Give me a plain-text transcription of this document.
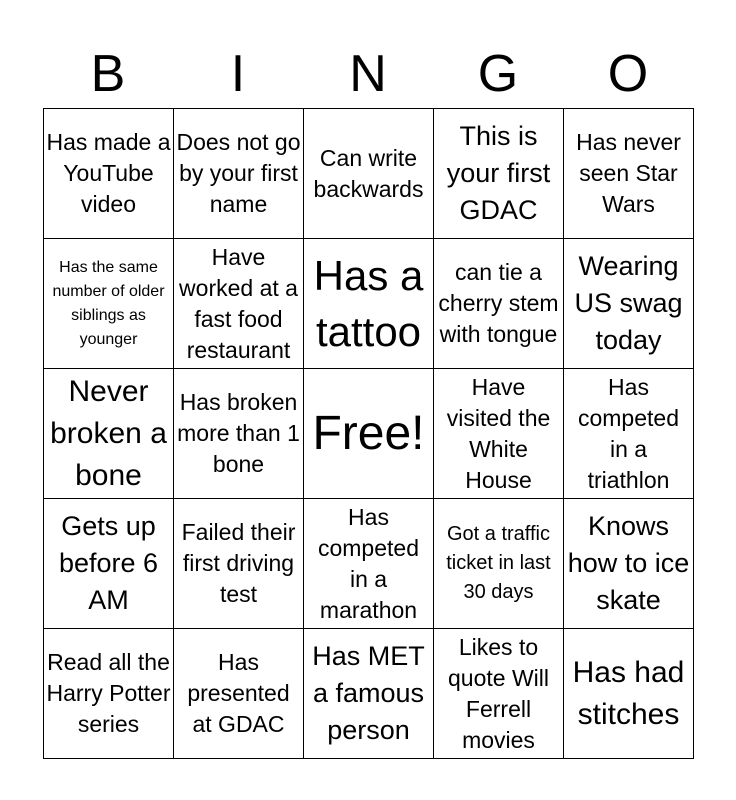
B	I	N	G	O
Has made a YouTube video	Does not go by your first name	Can write backwards	This is your first GDAC	Has never seen Star Wars

Has the same number of older siblings as younger	Have worked at a fast food restaurant	Has a tattoo	can tie a cherry stem with tongue	Wearing US swag today

Never broken a bone	Has broken more than 1 bone	Free!	Have visited the White House	Has competed in a triathlon

Gets up before 6 AM	Failed their first driving test	Has competed in a marathon	Got a traffic ticket in last 30 days	Knows how to ice skate

Read all the Harry Potter series	Has presented at GDAC	Has MET a famous person	Likes to quote Will Ferrell movies	Has had stitches
